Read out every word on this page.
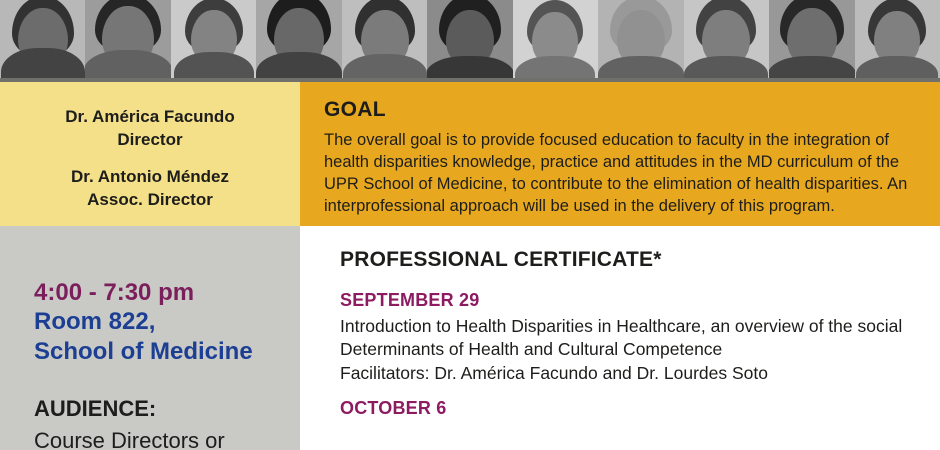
Dr. América Facundo
Director
Dr. Antonio Méndez
Assoc. Director
GOAL
The overall goal is to provide focused education to faculty in the integration of health disparities knowledge, practice and attitudes in the MD curriculum of the UPR School of Medicine, to contribute to the elimination of health disparities. An interprofessional approach will be used in the delivery of this program.
4:00 - 7:30 pm
Room 822,
School of Medicine
AUDIENCE:
Course Directors or
PROFESSIONAL CERTIFICATE*
SEPTEMBER 29
Introduction to Health Disparities in Healthcare, an overview of the social Determinants of Health and Cultural Competence
Facilitators: Dr. América Facundo and Dr. Lourdes Soto
OCTOBER 6
